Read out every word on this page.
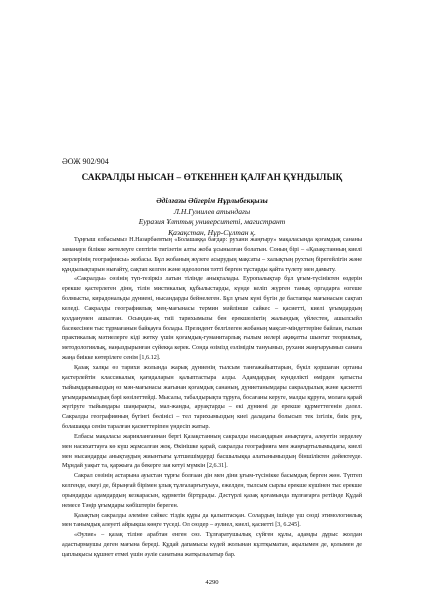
ӘОЖ 902/904
САКРАЛДЫ НЫСАН – ӨТКЕННЕН ҚАЛҒАН ҚҰНДЫЛЫҚ
Әділғазы Әйгерім Нұрлыбекқызы
Л.Н.Гумилев атындағы
Еуразия Ұлттық университеті, магистрант
Қазақстан, Нұр-Сұлтан қ.

Тұңғыш елбасымыз Н.Назарбаевтың «Болашаққа бағдар: рухани жаңғыру» мақаласында қоғамдық сананы заманауи бiлiкке жетелеуге септігін тигiзетiн алты жоба ұсынылған болатын. Соның бiрi – «Қазақстанның киелi жерлерінің географиясы» жобасы. Бұл жобаның жүзеге асырудың мақсаты – халықтың рухтың бірегейлігін және құндылықтарын нығайту, сақтап келген және идеология тәтті берген тұстарды қайта түлету мен дамыту.

«Сакралды» сөзінің түп-тезіркіз латын тілінде анықталады. Еуропалықтар бұл ұғым-түсініктен өздерін ерекше қастерлеген дінң, тілін мистикалық құбылыстарды, күнде келіп жүрген танық оргадарға өзгеше болмысты, кирадональды дүниені, нысандарды бейнелеген. Бұл ұғым күні бүгін де бастапқы мағынасын сақтап келеді. Сакралды географиялық мең-мағынасы термин мәйлінше сайкес – қасиетті, киелі ұғымдардың қолданумен ашылған. Осындан-ақ тиіі тарихымызы бен ерекшеліктің жалындық үйлестең, ашылсыйл басекесінен тыс тұрмағанын байқауға болады. Президент белгілеген жобаның мақсат-міндеттеріне байлан, ғылыи практикалық мәтиелерге кіді жетку үшін қоғамдық-гуманитарлық ғылым иелері ақиқатты шынтат теориялық, методологиялық, наңыздырынған сүйекқа керек. Сонда өзімізд еэлімідім тануымыз, рухани жаңғыруымыз санаға жаңа биікке көтерiлеге сенiм [1,6.12].

Қазақ халқы өз тарихи жолында жарық дүниенің тылсым танғажайыптарын, бүкіл қоршаған ортаны қастерлейтін классикалық қағидаларын қалыптастыра алды. Адамдардың күнделікті өмірден қатысты тыйымдарымыздың өз мән-мағынасы жағынан қоғамдық сананың, дүниетанымдары сакралдылық және қасиетті ұғымдарымыздың бәрі көзілеттейді. Мысалы, табалдырықта тұруға, босағаны керуге, малды құруға, молаға қарай жүгіруге тыйымдары шаңырақты, мал-жанды, аруақтарды – екі дүниені де ерекше құрметтегенін дәлел. Сакралды географияның бүгінгі бөлінісі – тел тарихымыздың киеі даладағы болысып тек ізгілік, биік руқ, болашаққа сенім таралған қасиеттеріпен үндесіп жатыр.

Елбасы мақаласы жарияланғаннан бергі Қазақстанның сакралды нысандарын анықтауға, алеуетін зерделеу мен насихаттауға кө күш жұмсалған жоқ. Өкінішке қарай, сакралды географияға мен жаңғыртылымыдағы, киелі мен нысандарды анықтаудың жиынтығы ұлтшешімдерді басшылыққа алатынымыздың біншіліктен дәйектеуде. Мұндай уақыт та, қаржыға да бекерге зая кетуі мүмкін [2,6.31].

Сакрал сөзінің астарына ауыстан тұрғы болғаан дін мен діни ұғым-түсінікке басымдық берген жөн. Түптеп келгенде, екеуі де, бірыңғай бірімен ұлық тұлғаларғытуыуа, ежелден, тылсым сырлы ерекше күшінен тыс ерекше орындарды адамдардың кезкарасын, құрметін біртұрады. Дәстүрлі қазақ қоғамында пұлғағарға ретіінде Құдай немесе Тәңір ұғымдары көбіштерін береген.

Қазақтың сакралды әлеміне сәйкес тіздік құры да қалыптасқан. Солардың ішінде үш сөзді этимологиялық мен танымдық алеуетi айрықша көңге түседі. Ол сөздер – әулиел, киелі, қасиетті [3, 6.245].

«Әулие» – қазақ тіліне арабтан енген сөз. Тұлғаратушылық сүйген құлы, адамды дұрыс жолдан адастырмаушы деген мағына береді. Құдай дапамысы күдей жолынан кұлтқыматан, ақылымен де, қолымен де цаплықысы құшнет етмеі үшін әуліе санатына жатқызылатыр бар.

4290
